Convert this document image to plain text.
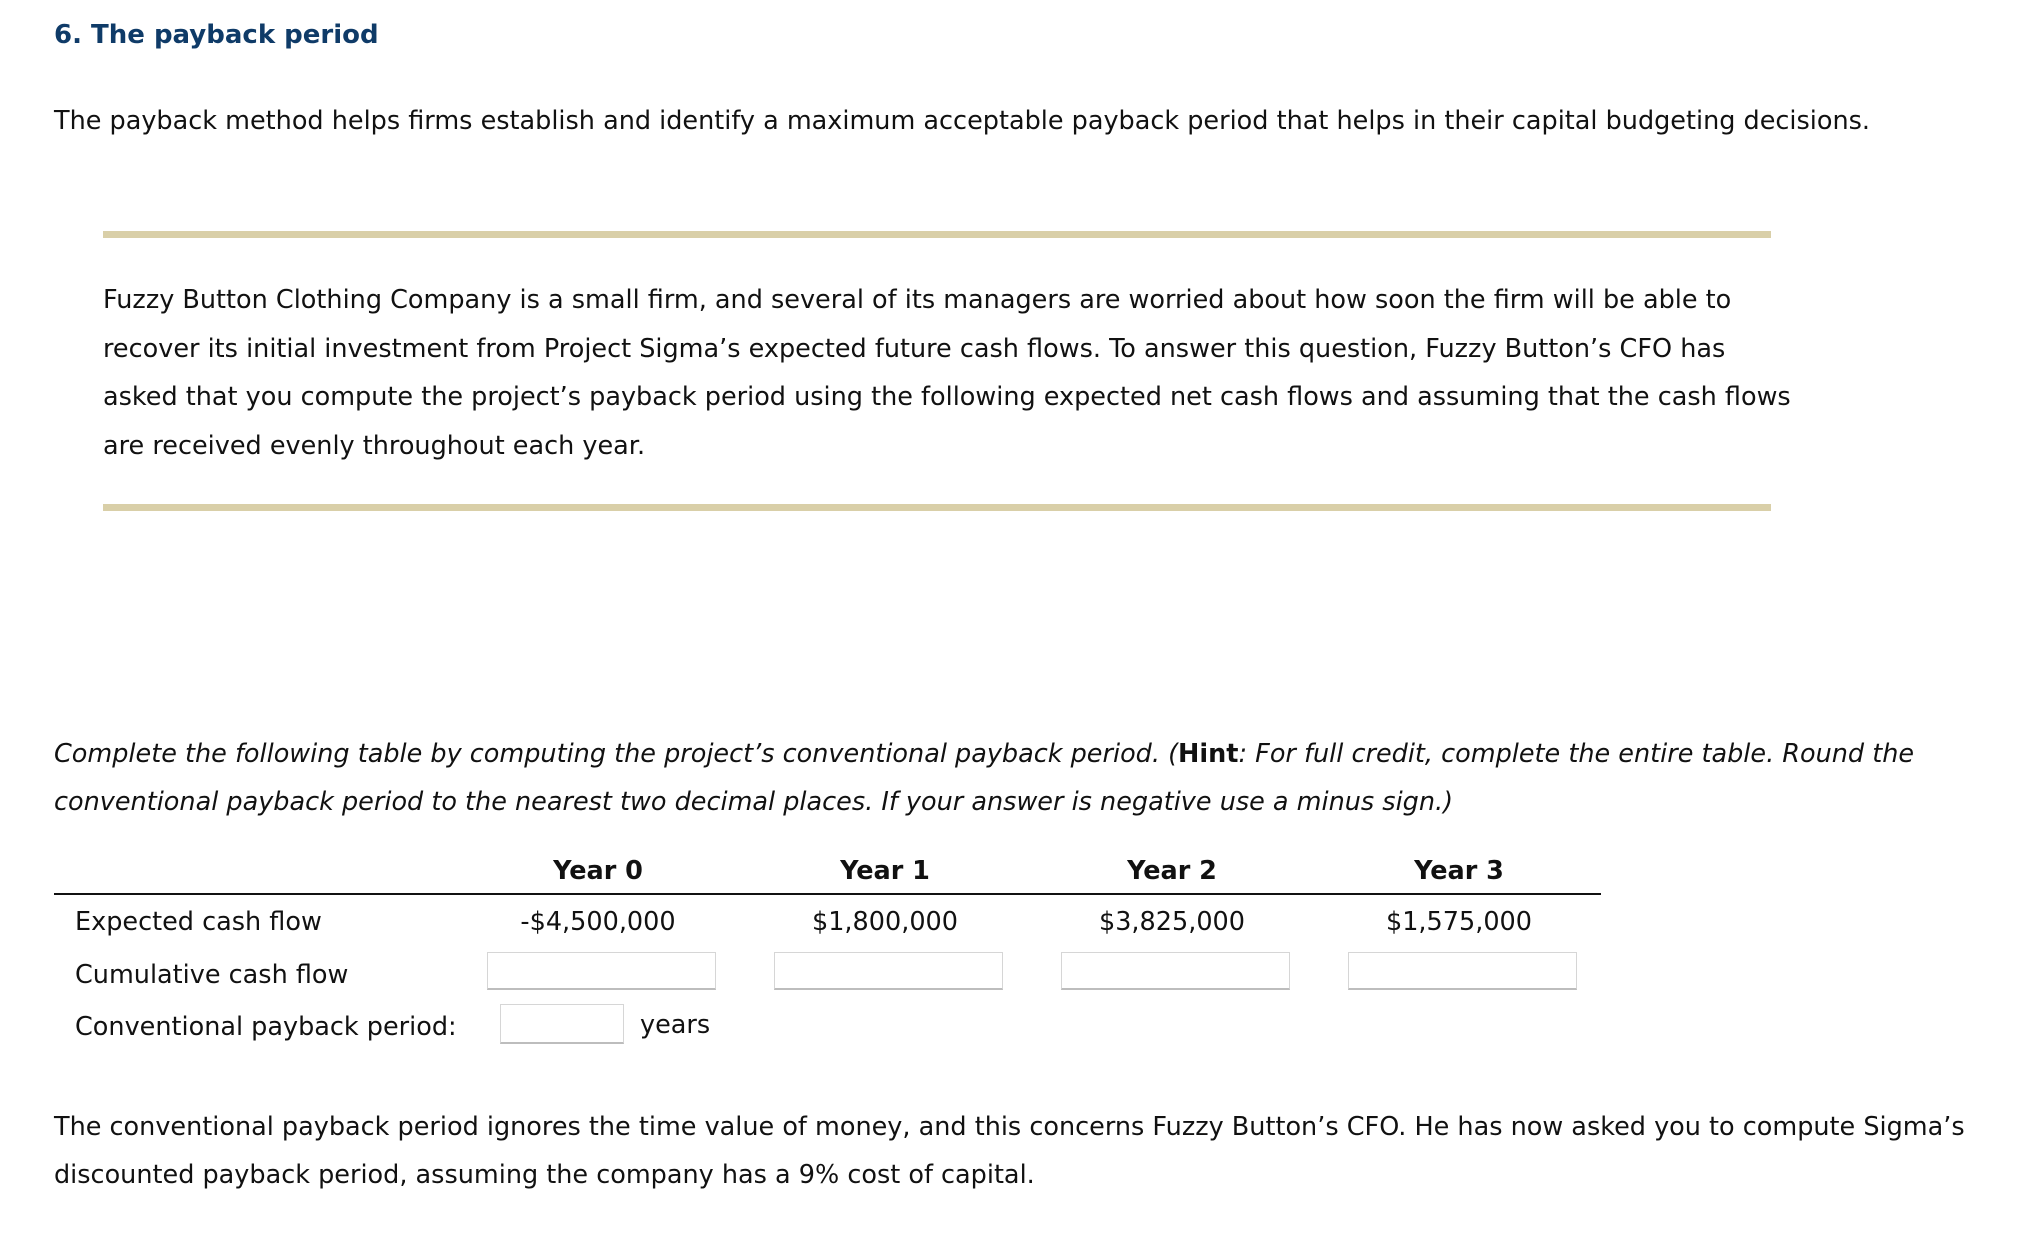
6. The payback period
The payback method helps firms establish and identify a maximum acceptable payback period that helps in their capital budgeting decisions.
Fuzzy Button Clothing Company is a small firm, and several of its managers are worried about how soon the firm will be able to recover its initial investment from Project Sigma’s expected future cash flows. To answer this question, Fuzzy Button’s CFO has asked that you compute the project’s payback period using the following expected net cash flows and assuming that the cash flows are received evenly throughout each year.
Complete the following table by computing the project’s conventional payback period. (Hint: For full credit, complete the entire table. Round the conventional payback period to the nearest two decimal places. If your answer is negative use a minus sign.)
Year 0	Year 1	Year 2	Year 3
Expected cash flow	-$4,500,000	$1,800,000	$3,825,000	$1,575,000
Cumulative cash flow
Conventional payback period:	years
The conventional payback period ignores the time value of money, and this concerns Fuzzy Button’s CFO. He has now asked you to compute Sigma’s discounted payback period, assuming the company has a 9% cost of capital.
